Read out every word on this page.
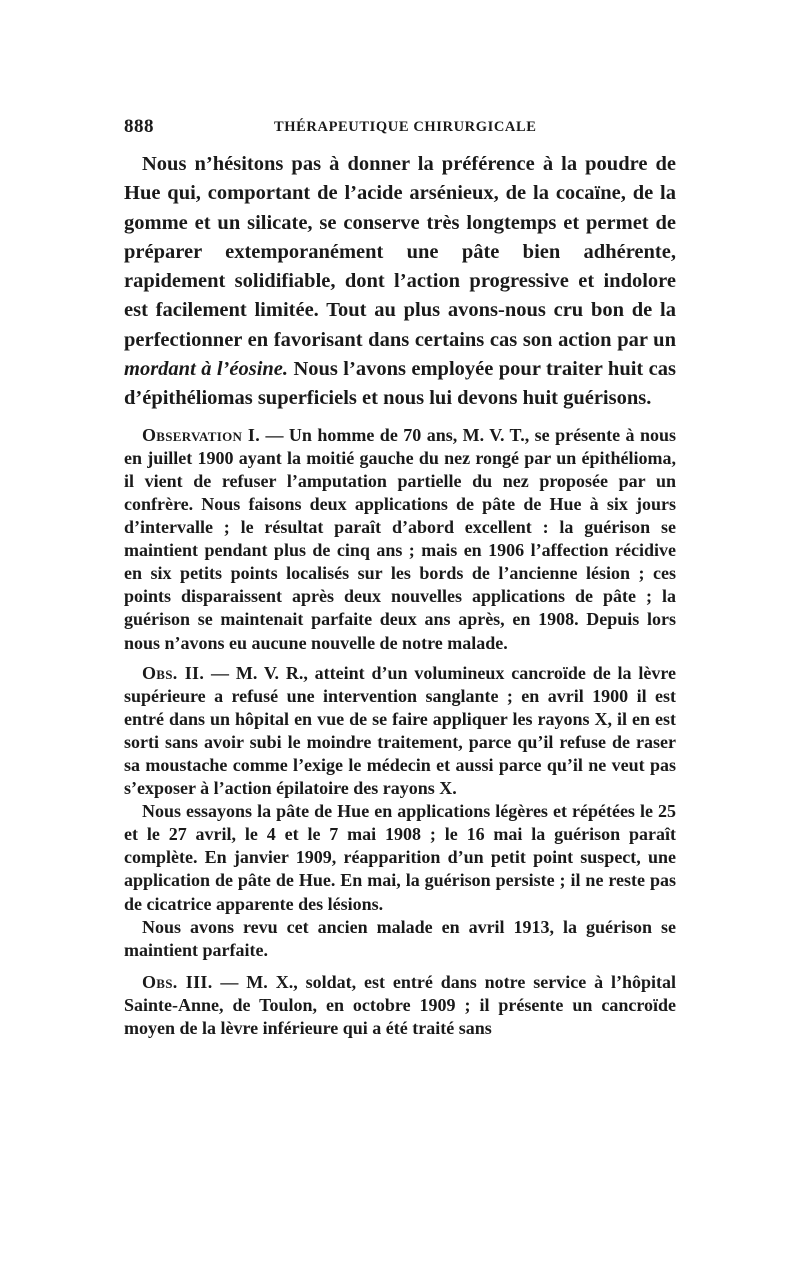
888	THÉRAPEUTIQUE CHIRURGICALE

Nous n’hésitons pas à donner la préférence à la poudre de Hue qui, comportant de l’acide arsénieux, de la cocaïne, de la gomme et un silicate, se conserve très longtemps et permet de préparer extemporanément une pâte bien adhérente, rapidement solidifiable, dont l’action progressive et indolore est facilement limitée. Tout au plus avons-nous cru bon de la perfectionner en favorisant dans certains cas son action par un mordant à l’éosine. Nous l’avons employée pour traiter huit cas d’épithéliomas superficiels et nous lui devons huit guérisons.

Observation I. — Un homme de 70 ans, M. V. T., se présente à nous en juillet 1900 ayant la moitié gauche du nez rongé par un épithélioma, il vient de refuser l’amputation partielle du nez proposée par un confrère. Nous faisons deux applications de pâte de Hue à six jours d’intervalle ; le résultat paraît d’abord excellent : la guérison se maintient pendant plus de cinq ans ; mais en 1906 l’affection récidive en six petits points localisés sur les bords de l’ancienne lésion ; ces points disparaissent après deux nouvelles applications de pâte ; la guérison se maintenait parfaite deux ans après, en 1908. Depuis lors nous n’avons eu aucune nouvelle de notre malade.

Obs. II. — M. V. R., atteint d’un volumineux cancroïde de la lèvre supérieure a refusé une intervention sanglante ; en avril 1900 il est entré dans un hôpital en vue de se faire appliquer les rayons X, il en est sorti sans avoir subi le moindre traitement, parce qu’il refuse de raser sa moustache comme l’exige le médecin et aussi parce qu’il ne veut pas s’exposer à l’action épilatoire des rayons X.

Nous essayons la pâte de Hue en applications légères et répétées le 25 et le 27 avril, le 4 et le 7 mai 1908 ; le 16 mai la guérison paraît complète. En janvier 1909, réapparition d’un petit point suspect, une application de pâte de Hue. En mai, la guérison persiste ; il ne reste pas de cicatrice apparente des lésions.

Nous avons revu cet ancien malade en avril 1913, la guérison se maintient parfaite.

Obs. III. — M. X., soldat, est entré dans notre service à l’hôpital Sainte-Anne, de Toulon, en octobre 1909 ; il présente un cancroïde moyen de la lèvre inférieure qui a été traité sans
